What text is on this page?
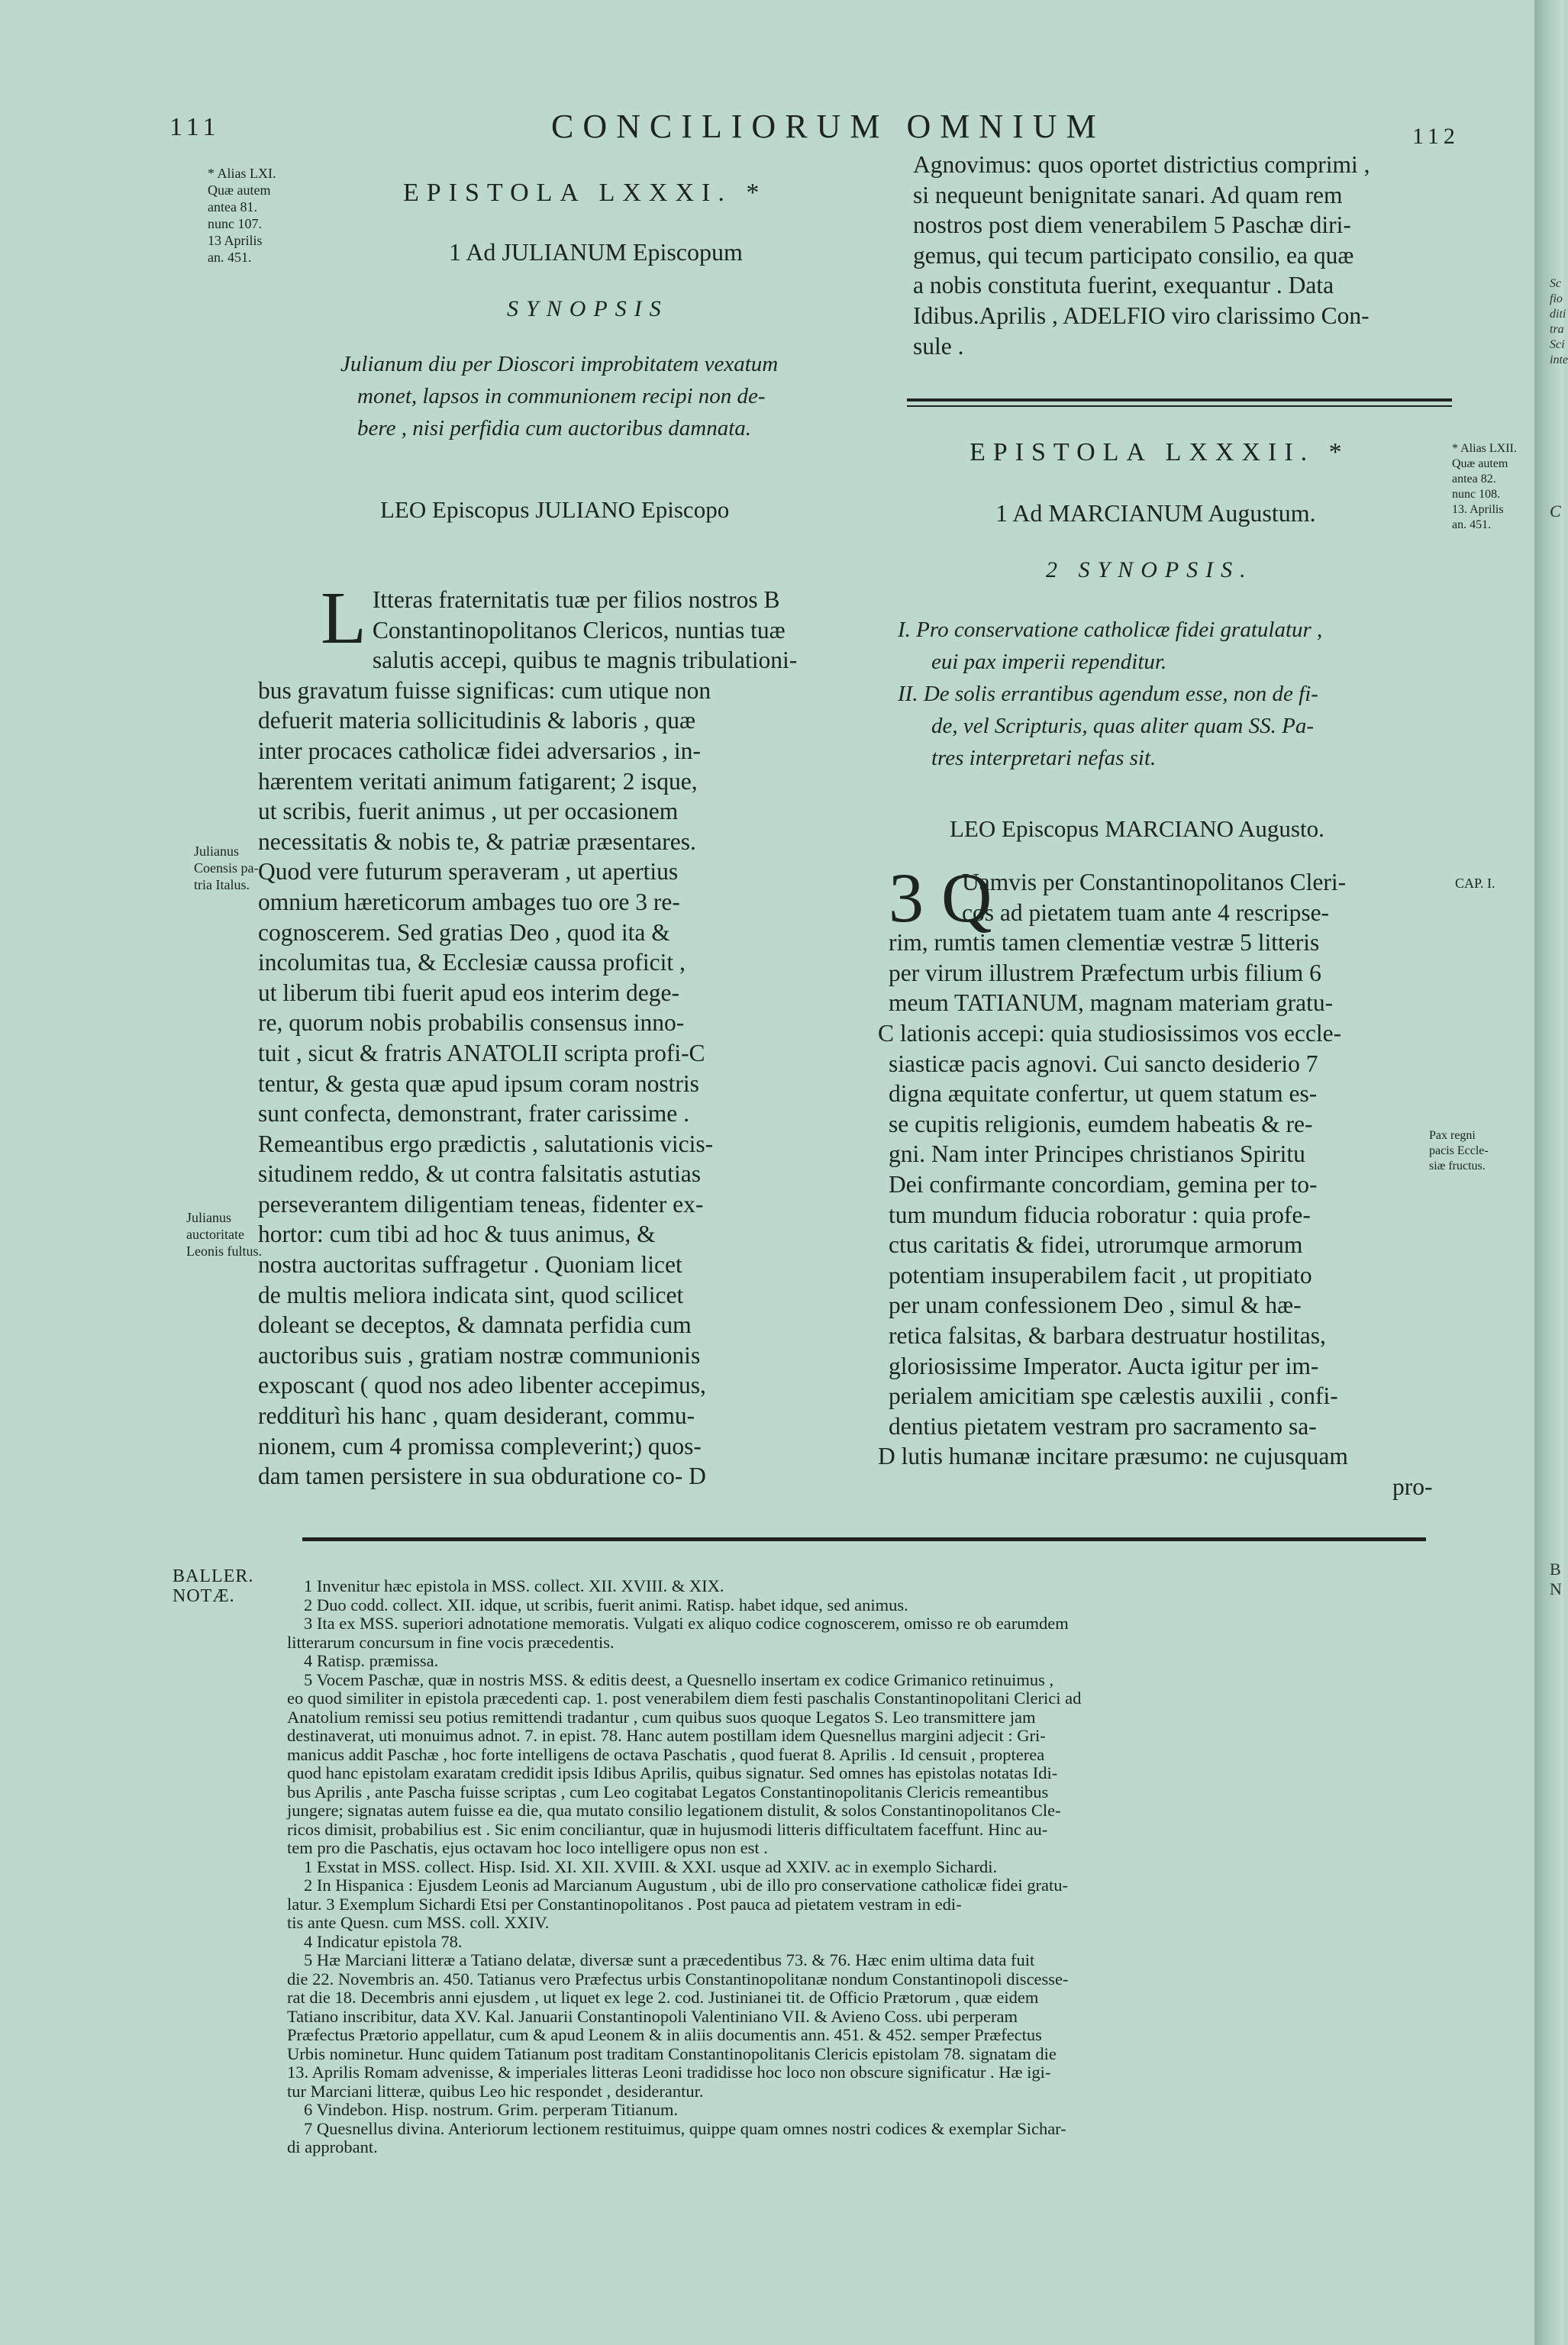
111	CONCILIORUM OMNIUM	112
* Alias LXI.
Quæ autem
antea 81.
nunc 107.
13 Aprilis
an. 451.
EPISTOLA LXXXI. *
1 Ad JULIANUM Episcopum
SYNOPSIS
Julianum diu per Dioscori improbitatem vexatum
monet, lapsos in communionem recipi non de-
bere , nisi perfidia cum auctoribus damnata.
LEO Episcopus JULIANO Episcopo
Julianus
Coensis pa-
tria Italus.
Julianus
auctoritate
Leonis fultus.
L Itteras fraternitatis tuæ per filios nostros B
Constantinopolitanos Clericos, nuntias tuæ
salutis accepi, quibus te magnis tribulationi-
bus gravatum fuisse significas: cum utique non
defuerit materia sollicitudinis & laboris , quæ
inter procaces catholicæ fidei adversarios , in-
hærentem veritati animum fatigarent; 2 isque,
ut scribis, fuerit animus , ut per occasionem
necessitatis & nobis te, & patriæ præsentares.
Quod vere futurum speraveram , ut apertius
omnium hæreticorum ambages tuo ore 3 re-
cognoscerem. Sed gratias Deo , quod ita &
incolumitas tua, & Ecclesiæ caussa proficit ,
ut liberum tibi fuerit apud eos interim dege-
re, quorum nobis probabilis consensus inno-
tuit , sicut & fratris ANATOLII scripta profi-C
tentur, & gesta quæ apud ipsum coram nostris
sunt confecta, demonstrant, frater carissime .
Remeantibus ergo prædictis , salutationis vicis-
situdinem reddo, & ut contra falsitatis astutias
perseverantem diligentiam teneas, fidenter ex-
hortor: cum tibi ad hoc & tuus animus, &
nostra auctoritas suffragetur . Quoniam licet
de multis meliora indicata sint, quod scilicet
doleant se deceptos, & damnata perfidia cum
auctoribus suis , gratiam nostræ communionis
exposcant ( quod nos adeo libenter accepimus,
redditurì his hanc , quam desiderant, commu-
nionem, cum 4 promissa compleverint;) quos-
dam tamen persistere in sua obduratione co- D
Agnovimus: quos oportet districtius comprimi ,
si nequeunt benignitate sanari. Ad quam rem
nostros post diem venerabilem 5 Paschæ diri-
gemus, qui tecum participato consilio, ea quæ
a nobis constituta fuerint, exequantur . Data
Idibus.Aprilis , ADELFIO viro clarissimo Con-
sule .
EPISTOLA LXXXII. *	* Alias LXII.
Quæ autem
antea 82.
nunc 108.
13. Aprilis
an. 451.
1 Ad MARCIANUM Augustum.
2 SYNOPSIS.
I. Pro conservatione catholicæ fidei gratulatur ,
eui pax imperii rependitur.
II. De solis errantibus agendum esse, non de fi-
de, vel Scripturis, quas aliter quam SS. Pa-
tres interpretari nefas sit.
LEO Episcopus MARCIANO Augusto.
CAP. I.
Pax regni
pacis Eccle-
siæ fructus.
3 Q
Uamvis per Constantinopolitanos Cleri-
cos ad pietatem tuam ante 4 rescripse-
rim, rumtis tamen clementiæ vestræ 5 litteris
per virum illustrem Præfectum urbis filium 6
meum TATIANUM, magnam materiam gratu-
C lationis accepi: quia studiosissimos vos eccle-
siasticæ pacis agnovi. Cui sancto desiderio 7
digna æquitate confertur, ut quem statum es-
se cupitis religionis, eumdem habeatis & re-
gni. Nam inter Principes christianos Spiritu
Dei confirmante concordiam, gemina per to-
tum mundum fiducia roboratur : quia profe-
ctus caritatis & fidei, utrorumque armorum
potentiam insuperabilem facit , ut propitiato
per unam confessionem Deo , simul & hæ-
retica falsitas, & barbara destruatur hostilitas,
gloriosissime Imperator. Aucta igitur per im-
perialem amicitiam spe cælestis auxilii , confi-
dentius pietatem vestram pro sacramento sa-
D lutis humanæ incitare præsumo: ne cujusquam
pro-
BALLER.
NOTÆ.
1 Invenitur hæc epistola in MSS. collect. XII. XVIII. & XIX.
2 Duo codd. collect. XII. idque, ut scribis, fuerit animi. Ratisp. habet idque, sed animus.
3 Ita ex MSS. superiori adnotatione memoratis. Vulgati ex aliquo codice cognoscerem, omisso re ob earumdem
litterarum concursum in fine vocis præcedentis.
4 Ratisp. præmissa.
5 Vocem Paschæ, quæ in nostris MSS. & editis deest, a Quesnello insertam ex codice Grimanico retinuimus ,
eo quod similiter in epistola præcedenti cap. 1. post venerabilem diem festi paschalis Constantinopolitani Clerici ad
Anatolium remissi seu potius remittendi tradantur , cum quibus suos quoque Legatos S. Leo transmittere jam
destinaverat, uti monuimus adnot. 7. in epist. 78. Hanc autem postillam idem Quesnellus margini adjecit : Gri-
manicus addit Paschæ , hoc forte intelligens de octava Paschatis , quod fuerat 8. Aprilis . Id censuit , propterea
quod hanc epistolam exaratam credidit ipsis Idibus Aprilis, quibus signatur. Sed omnes has epistolas notatas Idi-
bus Aprilis , ante Pascha fuisse scriptas , cum Leo cogitabat Legatos Constantinopolitanis Clericis remeantibus
jungere; signatas autem fuisse ea die, qua mutato consilio legationem distulit, & solos Constantinopolitanos Cle-
ricos dimisit, probabilius est . Sic enim conciliantur, quæ in hujusmodi litteris difficultatem faceffunt. Hinc au-
tem pro die Paschatis, ejus octavam hoc loco intelligere opus non est .
1 Exstat in MSS. collect. Hisp. Isid. XI. XII. XVIII. & XXI. usque ad XXIV. ac in exemplo Sichardi.
2 In Hispanica : Ejusdem Leonis ad Marcianum Augustum , ubi de illo pro conservatione catholicæ fidei gratu-
latur. 3 Exemplum Sichardi Etsi per Constantinopolitanos . Post pauca ad pietatem vestram in edi-
tis ante Quesn. cum MSS. coll. XXIV.
4 Indicatur epistola 78.
5 Hæ Marciani litteræ a Tatiano delatæ, diversæ sunt a præcedentibus 73. & 76. Hæc enim ultima data fuit
die 22. Novembris an. 450. Tatianus vero Præfectus urbis Constantinopolitanæ nondum Constantinopoli discesse-
rat die 18. Decembris anni ejusdem , ut liquet ex lege 2. cod. Justinianei tit. de Officio Prætorum , quæ eidem
Tatiano inscribitur, data XV. Kal. Januarii Constantinopoli Valentiniano VII. & Avieno Coss. ubi perperam
Præfectus Prætorio appellatur, cum & apud Leonem & in aliis documentis ann. 451. & 452. semper Præfectus
Urbis nominetur. Hunc quidem Tatianum post traditam Constantinopolitanis Clericis epistolam 78. signatam die
13. Aprilis Romam advenisse, & imperiales litteras Leoni tradidisse hoc loco non obscure significatur . Hæ igi-
tur Marciani litteræ, quibus Leo hic respondet , desiderantur.
6 Vindebon. Hisp. nostrum. Grim. perperam Titianum.
7 Quesnellus divina. Anteriorum lectionem restituimus, quippe quam omnes nostri codices & exemplar Sichar-
di approbant.
Sc
fio
diti
tra
Sci
inte
C
B
N
